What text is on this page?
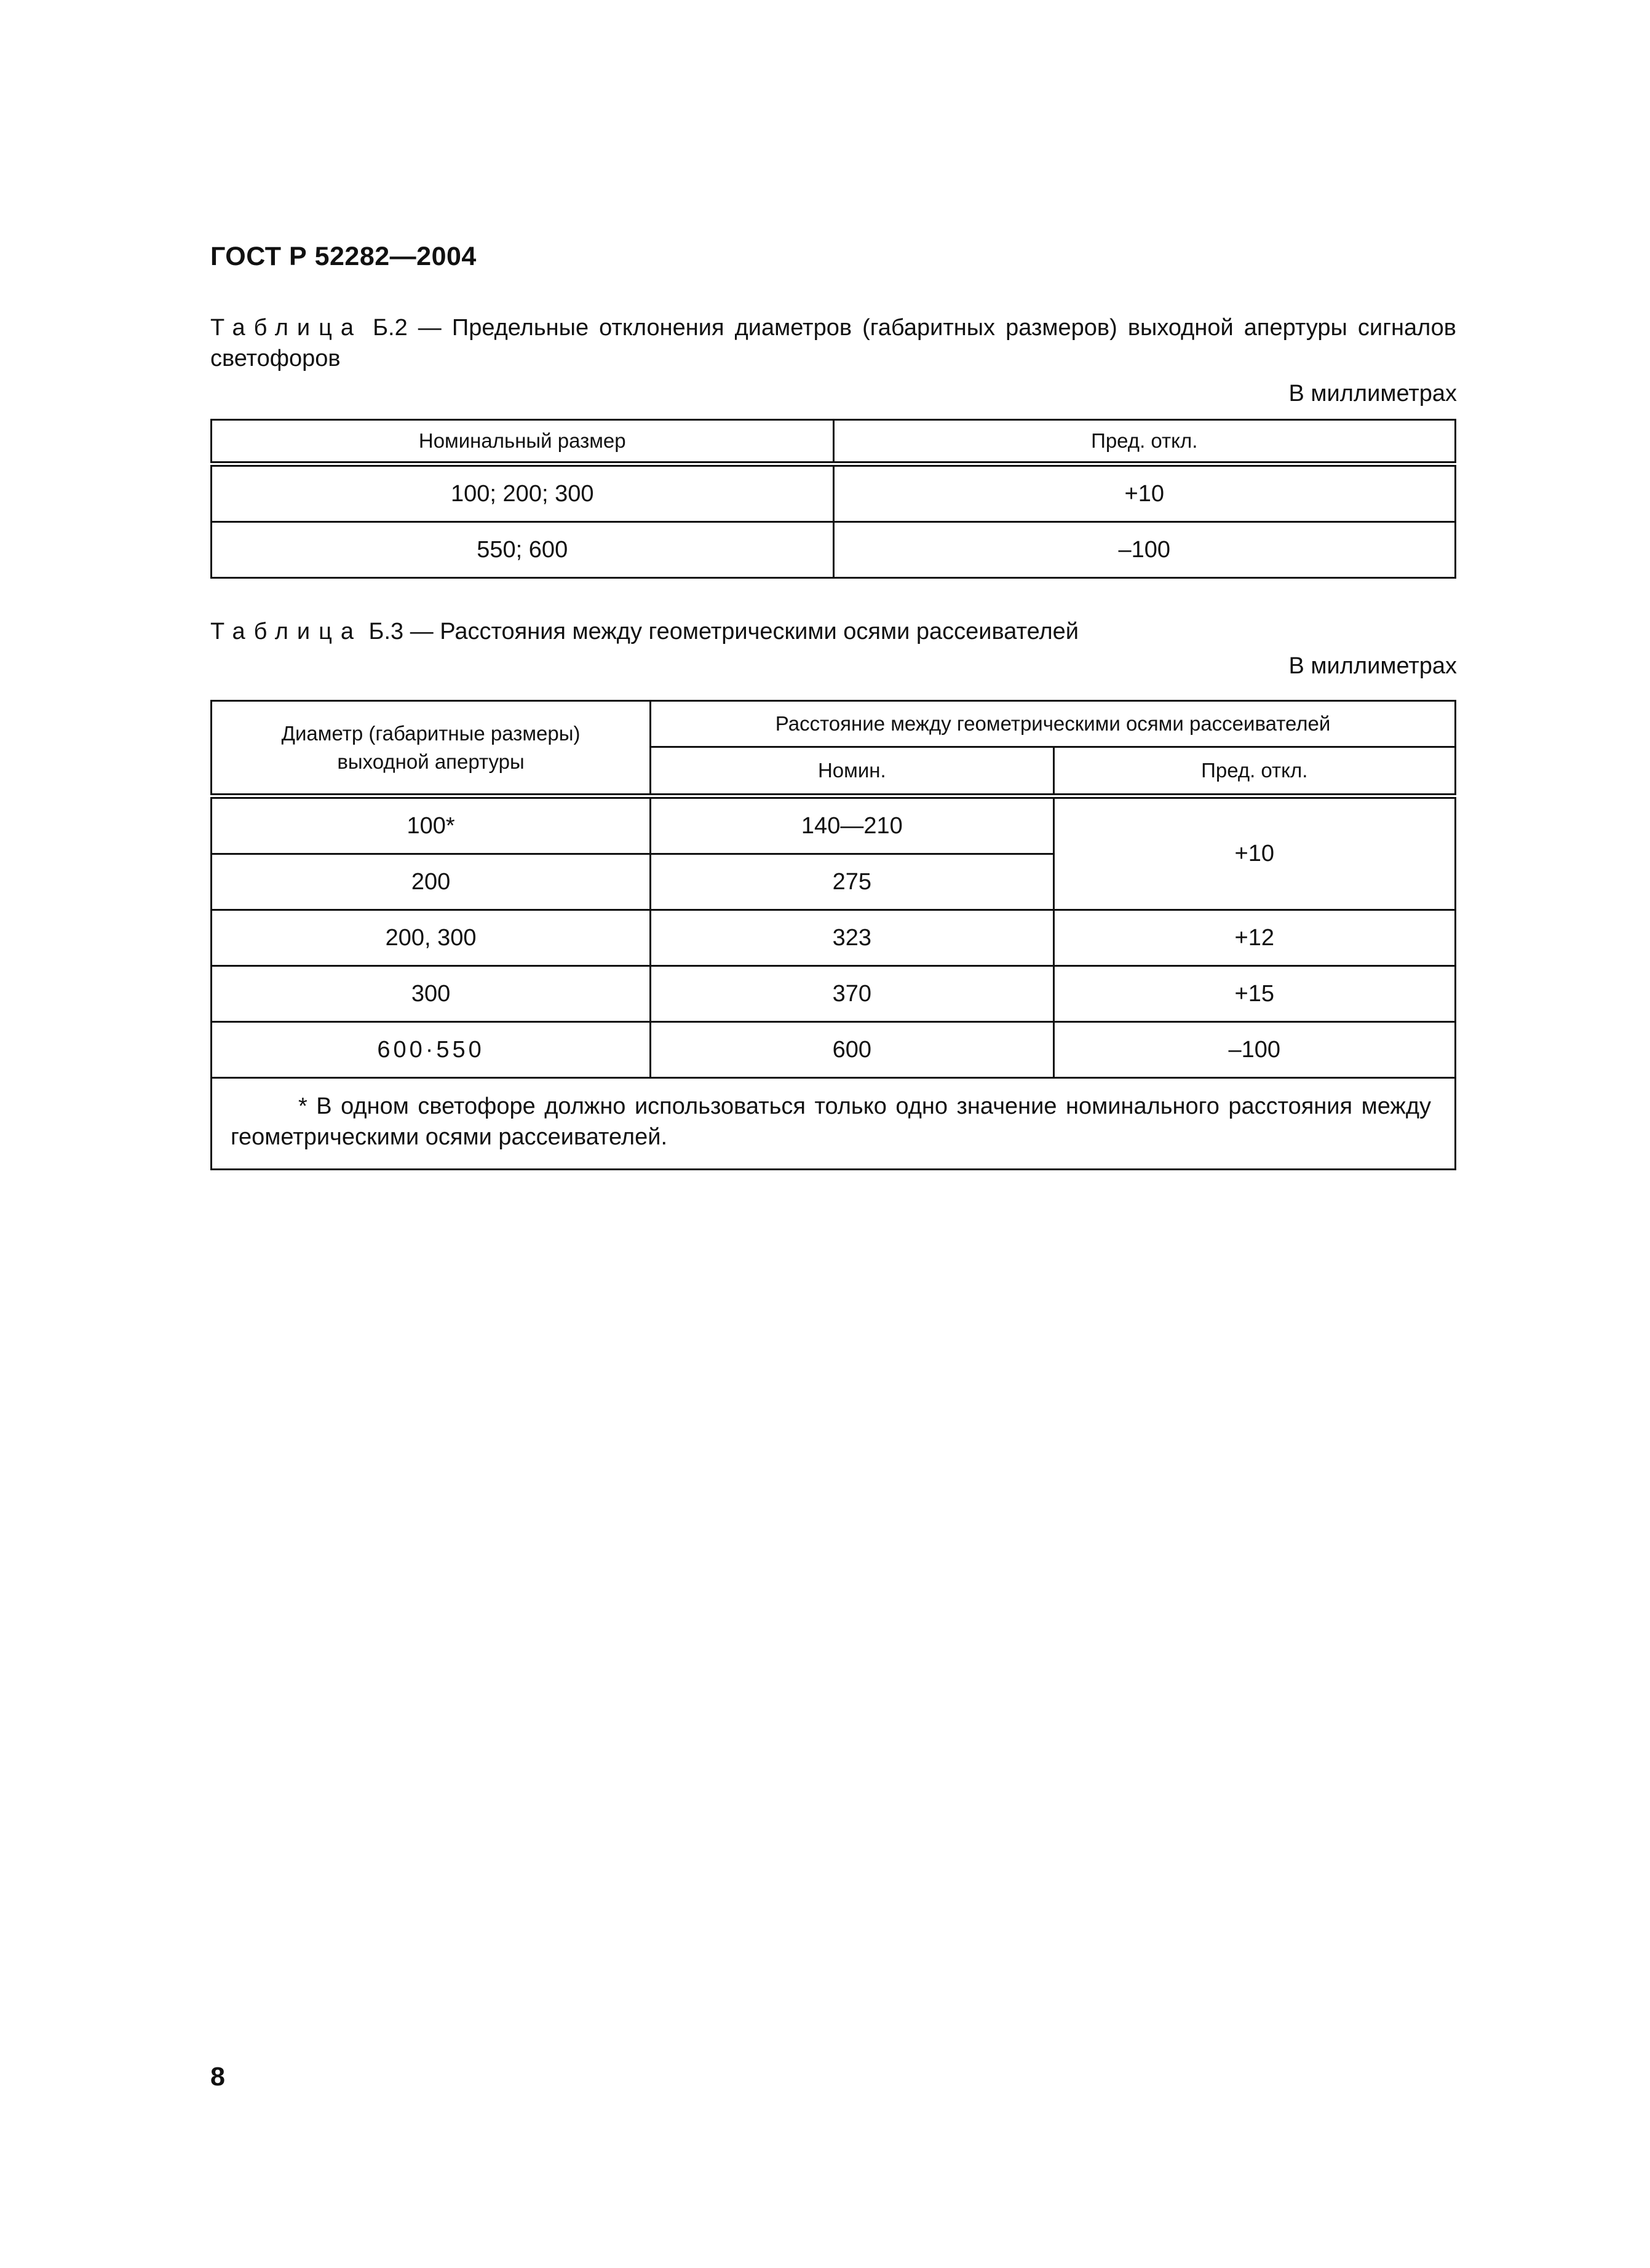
ГОСТ Р 52282—2004
Таблица Б.2 — Предельные отклонения диаметров (габаритных размеров) выходной апертуры сигналов светофоров
В миллиметрах
Номинальный размер	Пред. откл.
100; 200; 300	+10
550; 600	–100
Таблица Б.3 — Расстояния между геометрическими осями рассеивателей
В миллиметрах
Диаметр (габаритные размеры)
выходной апертуры	Расстояние между геометрическими осями рассеивателей	
	Номин.	Пред. откл.
100*	140—210	+10
200	275	
200, 300	323	+12
300	370	+15
600·550	600	–100
* В одном светофоре должно использоваться только одно значение номинального расстояния между геометрическими осями рассеивателей.		
8
